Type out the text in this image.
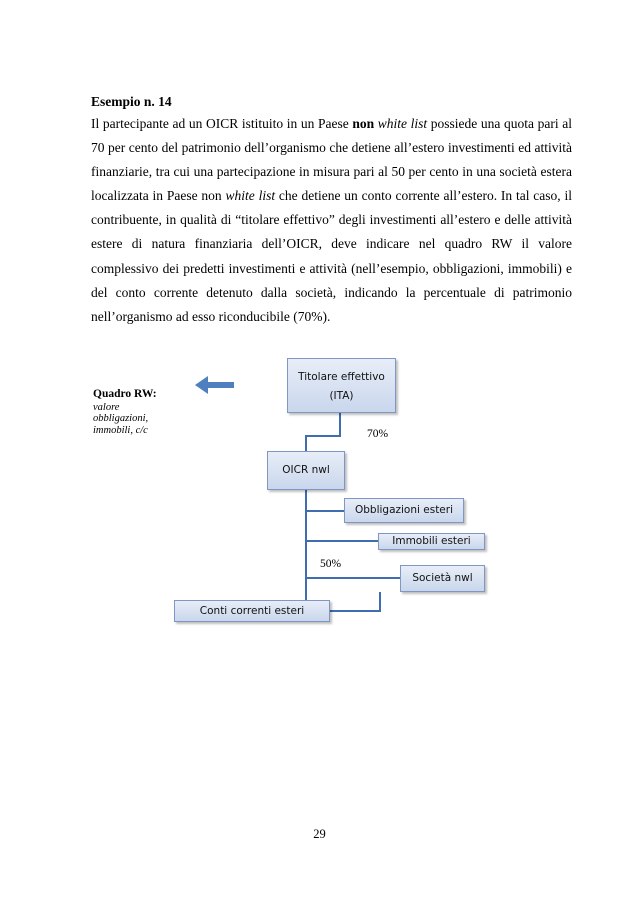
Esempio n. 14
Il partecipante ad un OICR istituito in un Paese non white list possiede una quota pari al 70 per cento del patrimonio dell’organismo che detiene all’estero investimenti ed attività finanziarie, tra cui una partecipazione in misura pari al 50 per cento in una società estera localizzata in Paese non white list che detiene un conto corrente all’estero. In tal caso, il contribuente, in qualità di “titolare effettivo” degli investimenti all’estero e delle attività estere di natura finanziaria dell’OICR, deve indicare nel quadro RW il valore complessivo dei predetti investimenti e attività (nell’esempio, obbligazioni, immobili) e del conto corrente detenuto dalla società, indicando la percentuale di patrimonio nell’organismo ad esso riconducibile (70%).
Titolare effettivo
(ITA)
OICR nwl
Obbligazioni esteri
Immobili esteri
Società nwl
Conti correnti esteri
70%
50%
Quadro RW:
valore
obbligazioni,
immobili, c/c
29
